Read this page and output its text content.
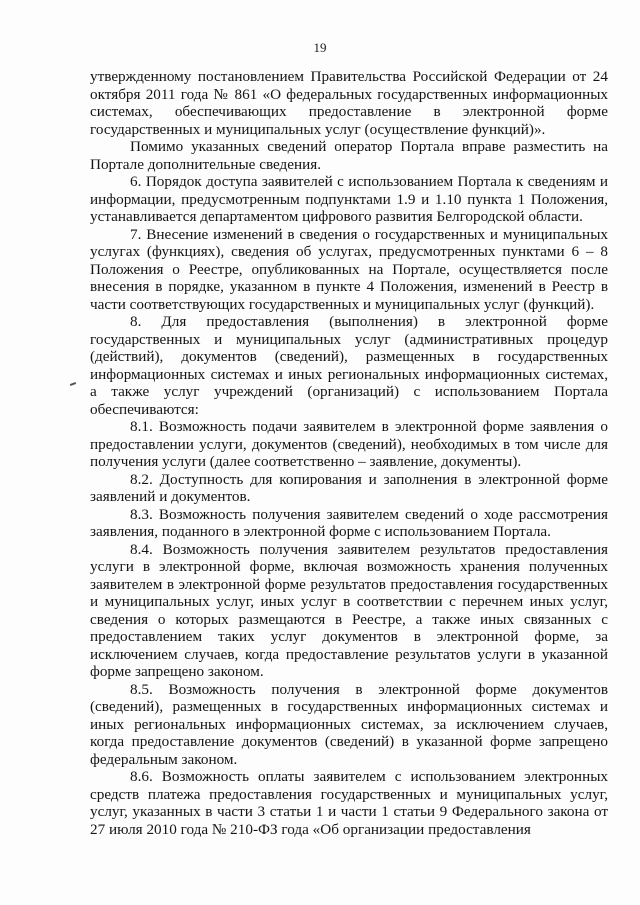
19

утвержденному постановлением Правительства Российской Федерации от 24 октября 2011 года № 861 «О федеральных государственных информационных системах, обеспечивающих предоставление в электронной форме государственных и муниципальных услуг (осуществление функций)».

Помимо указанных сведений оператор Портала вправе разместить на Портале дополнительные сведения.

6. Порядок доступа заявителей с использованием Портала к сведениям и информации, предусмотренным подпунктами 1.9 и 1.10 пункта 1 Положения, устанавливается департаментом цифрового развития Белгородской области.

7. Внесение изменений в сведения о государственных и муниципальных услугах (функциях), сведения об услугах, предусмотренных пунктами 6 – 8 Положения о Реестре, опубликованных на Портале, осуществляется после внесения в порядке, указанном в пункте 4 Положения, изменений в Реестр в части соответствующих государственных и муниципальных услуг (функций).

8. Для предоставления (выполнения) в электронной форме государственных и муниципальных услуг (административных процедур (действий), документов (сведений), размещенных в государственных информационных системах и иных региональных информационных системах, а также услуг учреждений (организаций) с использованием Портала обеспечиваются:

8.1. Возможность подачи заявителем в электронной форме заявления о предоставлении услуги, документов (сведений), необходимых в том числе для получения услуги (далее соответственно – заявление, документы).

8.2. Доступность для копирования и заполнения в электронной форме заявлений и документов.

8.3. Возможность получения заявителем сведений о ходе рассмотрения заявления, поданного в электронной форме с использованием Портала.

8.4. Возможность получения заявителем результатов предоставления услуги в электронной форме, включая возможность хранения полученных заявителем в электронной форме результатов предоставления государственных и муниципальных услуг, иных услуг в соответствии с перечнем иных услуг, сведения о которых размещаются в Реестре, а также иных связанных с предоставлением таких услуг документов в электронной форме, за исключением случаев, когда предоставление результатов услуги в указанной форме запрещено законом.

8.5. Возможность получения в электронной форме документов (сведений), размещенных в государственных информационных системах и иных региональных информационных системах, за исключением случаев, когда предоставление документов (сведений) в указанной форме запрещено федеральным законом.

8.6. Возможность оплаты заявителем с использованием электронных средств платежа предоставления государственных и муниципальных услуг, услуг, указанных в части 3 статьи 1 и части 1 статьи 9 Федерального закона от 27 июля 2010 года № 210-ФЗ года «Об организации предоставления
